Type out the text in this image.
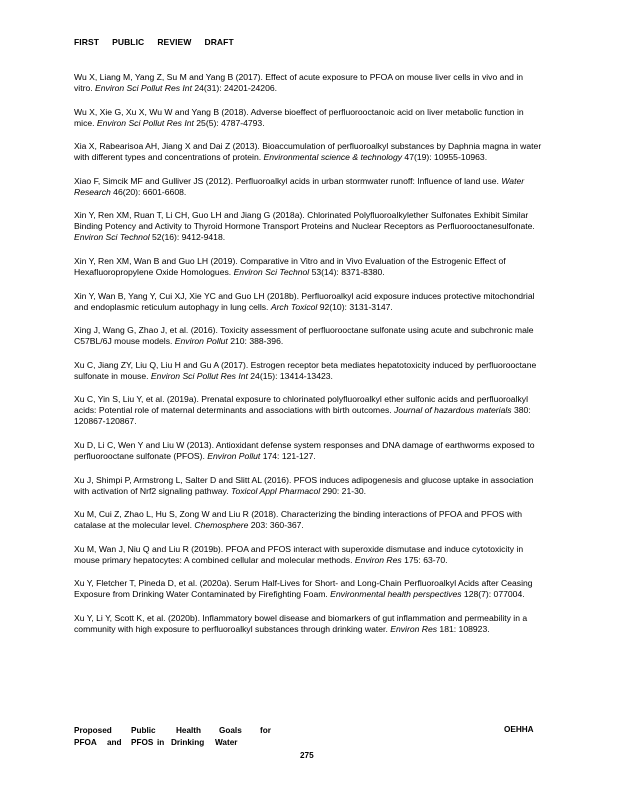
FIRST PUBLIC REVIEW DRAFT

Wu X, Liang M, Yang Z, Su M and Yang B (2017). Effect of acute exposure to PFOA on mouse liver cells in vivo and in vitro. Environ Sci Pollut Res Int 24(31): 24201-24206.

Wu X, Xie G, Xu X, Wu W and Yang B (2018). Adverse bioeffect of perfluorooctanoic acid on liver metabolic function in mice. Environ Sci Pollut Res Int 25(5): 4787-4793.

Xia X, Rabearisoa AH, Jiang X and Dai Z (2013). Bioaccumulation of perfluoroalkyl substances by Daphnia magna in water with different types and concentrations of protein. Environmental science & technology 47(19): 10955-10963.

Xiao F, Simcik MF and Gulliver JS (2012). Perfluoroalkyl acids in urban stormwater runoff: Influence of land use. Water Research 46(20): 6601-6608.

Xin Y, Ren XM, Ruan T, Li CH, Guo LH and Jiang G (2018a). Chlorinated Polyfluoroalkylether Sulfonates Exhibit Similar Binding Potency and Activity to Thyroid Hormone Transport Proteins and Nuclear Receptors as Perfluorooctanesulfonate. Environ Sci Technol 52(16): 9412-9418.

Xin Y, Ren XM, Wan B and Guo LH (2019). Comparative in Vitro and in Vivo Evaluation of the Estrogenic Effect of Hexafluoropropylene Oxide Homologues. Environ Sci Technol 53(14): 8371-8380.

Xin Y, Wan B, Yang Y, Cui XJ, Xie YC and Guo LH (2018b). Perfluoroalkyl acid exposure induces protective mitochondrial and endoplasmic reticulum autophagy in lung cells. Arch Toxicol 92(10): 3131-3147.

Xing J, Wang G, Zhao J, et al. (2016). Toxicity assessment of perfluorooctane sulfonate using acute and subchronic male C57BL/6J mouse models. Environ Pollut 210: 388-396.

Xu C, Jiang ZY, Liu Q, Liu H and Gu A (2017). Estrogen receptor beta mediates hepatotoxicity induced by perfluorooctane sulfonate in mouse. Environ Sci Pollut Res Int 24(15): 13414-13423.

Xu C, Yin S, Liu Y, et al. (2019a). Prenatal exposure to chlorinated polyfluoroalkyl ether sulfonic acids and perfluoroalkyl acids: Potential role of maternal determinants and associations with birth outcomes. Journal of hazardous materials 380: 120867-120867.

Xu D, Li C, Wen Y and Liu W (2013). Antioxidant defense system responses and DNA damage of earthworms exposed to perfluorooctane sulfonate (PFOS). Environ Pollut 174: 121-127.

Xu J, Shimpi P, Armstrong L, Salter D and Slitt AL (2016). PFOS induces adipogenesis and glucose uptake in association with activation of Nrf2 signaling pathway. Toxicol Appl Pharmacol 290: 21-30.

Xu M, Cui Z, Zhao L, Hu S, Zong W and Liu R (2018). Characterizing the binding interactions of PFOA and PFOS with catalase at the molecular level. Chemosphere 203: 360-367.

Xu M, Wan J, Niu Q and Liu R (2019b). PFOA and PFOS interact with superoxide dismutase and induce cytotoxicity in mouse primary hepatocytes: A combined cellular and molecular methods. Environ Res 175: 63-70.

Xu Y, Fletcher T, Pineda D, et al. (2020a). Serum Half-Lives for Short- and Long-Chain Perfluoroalkyl Acids after Ceasing Exposure from Drinking Water Contaminated by Firefighting Foam. Environmental health perspectives 128(7): 077004.

Xu Y, Li Y, Scott K, et al. (2020b). Inflammatory bowel disease and biomarkers of gut inflammation and permeability in a community with high exposure to perfluoroalkyl substances through drinking water. Environ Res 181: 108923.

Proposed	Public	Health	Goals	for
PFOA	and	PFOS in Drinking	Water
OEHHA
275
